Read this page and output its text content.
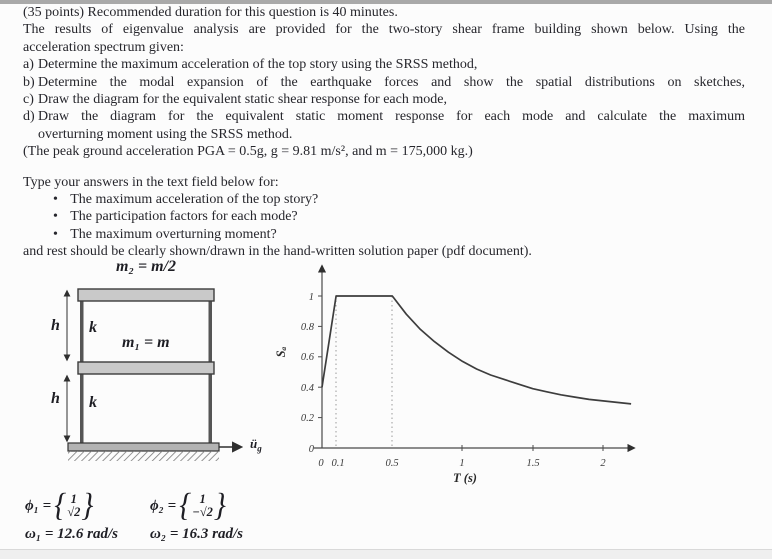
(35 points) Recommended duration for this question is 40 minutes.
The results of eigenvalue analysis are provided for the two-story shear frame building shown below. Using the
acceleration spectrum given:
a) Determine the maximum acceleration of the top story using the SRSS method,
b) Determine the modal expansion of the earthquake forces and show the spatial distributions on sketches,
c) Draw the diagram for the equivalent static shear response for each mode,
d) Draw the diagram for the equivalent static moment response for each mode and calculate the maximum
overturning moment using the SRSS method.
(The peak ground acceleration PGA = 0.5g, g = 9.81 m/s², and m = 175,000 kg.)
Type your answers in the text field below for:
• The maximum acceleration of the top story?
• The participation factors for each mode?
• The maximum overturning moment?
and rest should be clearly shown/drawn in the hand-written solution paper (pdf document).
1
0.8
0.6
0.4
0.2
0
0 0.1	0.5	1	1.5	2
T (s)
Sₐ
m₂ = m/2
m₁ = m
h
h
k
k
$ü_g$
ϕ₁ = { 1
√2 }	ϕ₂ = { 1
−√2 }
ω₁ = 12.6 rad/s ω₂ = 16.3 rad/s
